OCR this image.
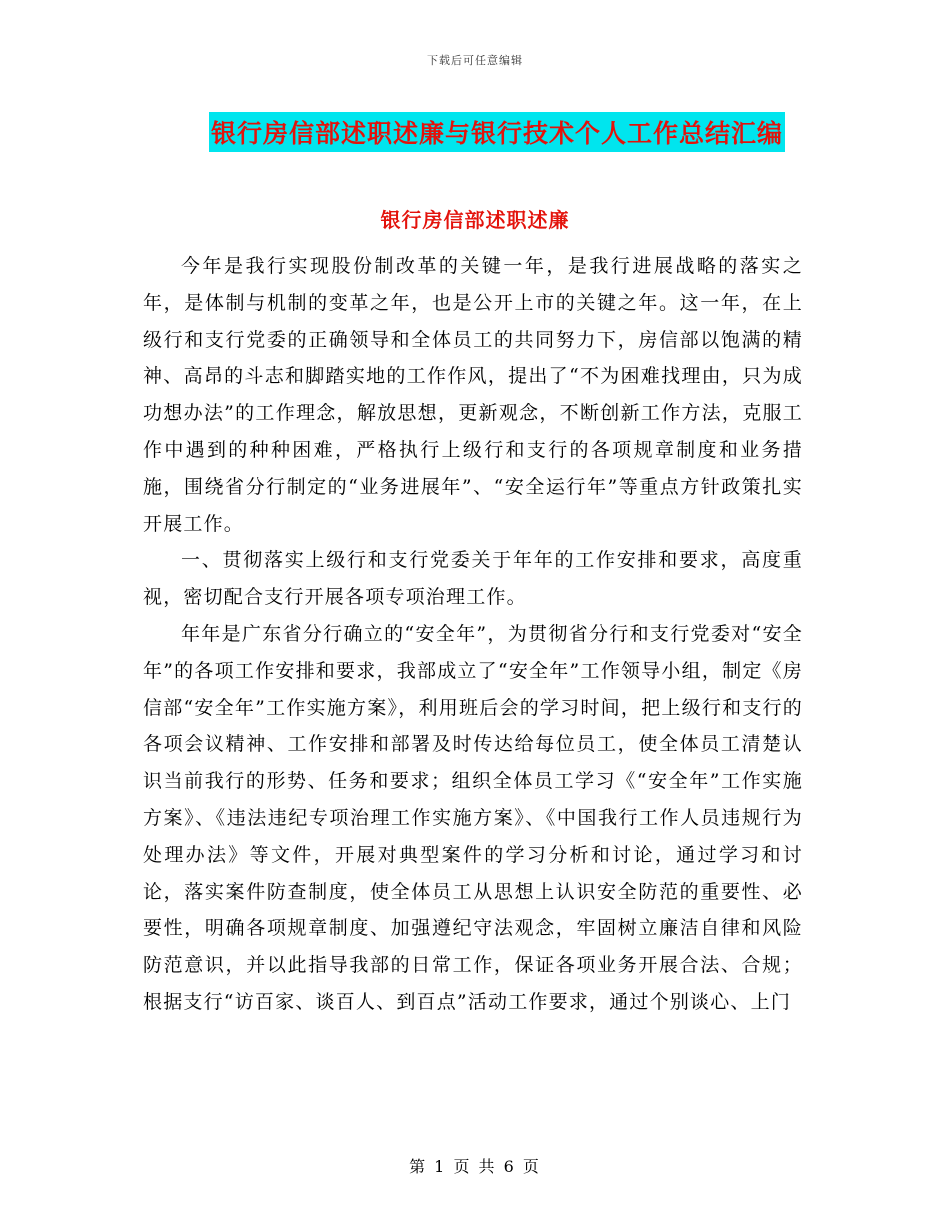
下载后可任意编辑
银行房信部述职述廉与银行技术个人工作总结汇编
银行房信部述职述廉

今年是我行实现股份制改革的关键一年，是我行进展战略的落实之年，是体制与机制的变革之年，也是公开上市的关键之年。这一年，在上级行和支行党委的正确领导和全体员工的共同努力下，房信部以饱满的精神、高昂的斗志和脚踏实地的工作作风，提出了“不为困难找理由，只为成功想办法”的工作理念，解放思想，更新观念，不断创新工作方法，克服工作中遇到的种种困难，严格执行上级行和支行的各项规章制度和业务措施，围绕省分行制定的“业务进展年”、“安全运行年”等重点方针政策扎实开展工作。

一、贯彻落实上级行和支行党委关于年年的工作安排和要求，高度重视，密切配合支行开展各项专项治理工作。

年年是广东省分行确立的“安全年”，为贯彻省分行和支行党委对“安全年”的各项工作安排和要求，我部成立了“安全年”工作领导小组，制定《房信部“安全年”工作实施方案》，利用班后会的学习时间，把上级行和支行的各项会议精神、工作安排和部署及时传达给每位员工，使全体员工清楚认识当前我行的形势、任务和要求；组织全体员工学习《“安全年”工作实施方案》、《违法违纪专项治理工作实施方案》、《中国我行工作人员违规行为处理办法》等文件，开展对典型案件的学习分析和讨论，通过学习和讨论，落实案件防查制度，使全体员工从思想上认识安全防范的重要性、必要性，明确各项规章制度、加强遵纪守法观念，牢固树立廉洁自律和风险防范意识，并以此指导我部的日常工作，保证各项业务开展合法、合规；根据支行“访百家、谈百人、到百点”活动工作要求，通过个别谈心、上门

第 1 页 共 6 页
